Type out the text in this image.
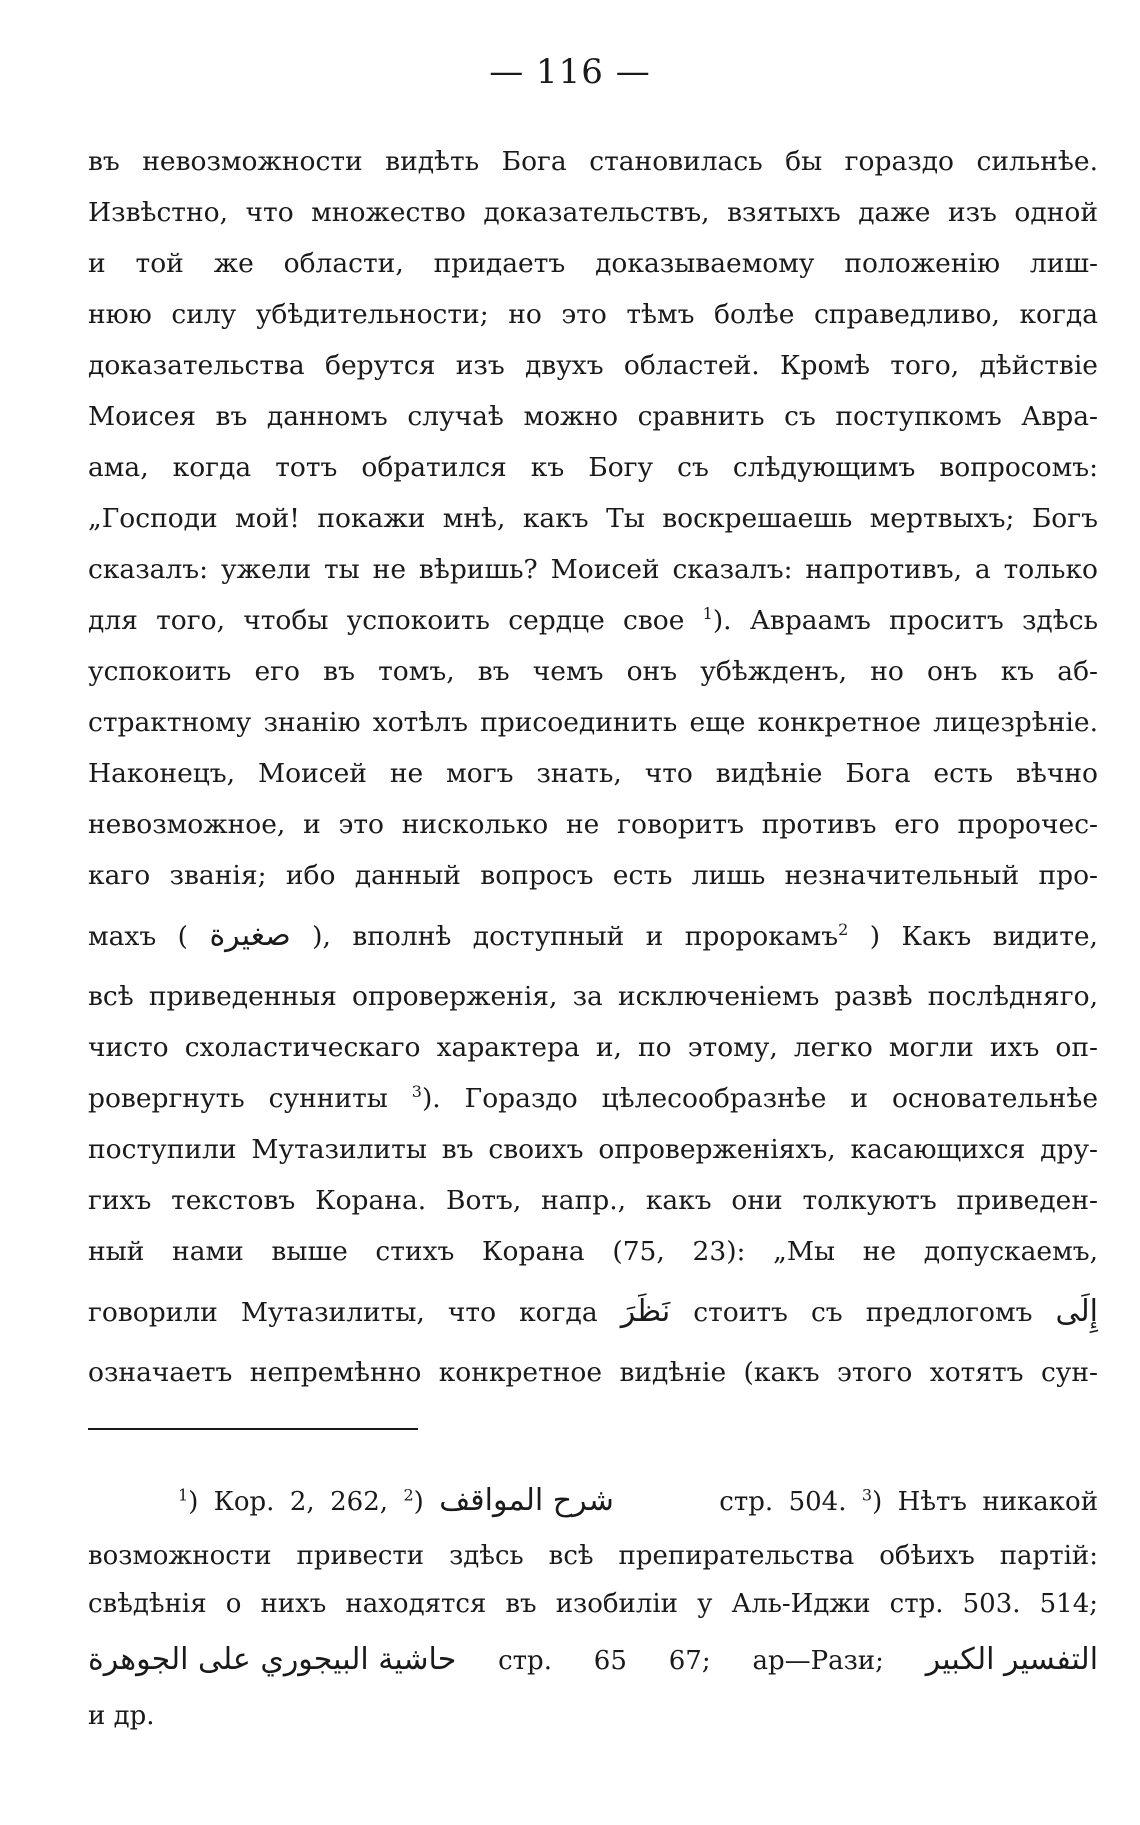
— 116 —
въ невозможности видѣть Бога становилась бы гораздо сильнѣе.
Извѣстно, что множество доказательствъ, взятыхъ даже изъ одной
и той же области, придаетъ доказываемому положенію лиш-
нюю силу убѣдительности; но это тѣмъ болѣе справедливо, когда
доказательства берутся изъ двухъ областей. Кромѣ того, дѣйствіе
Моисея въ данномъ случаѣ можно сравнить съ поступкомъ Авра-
ама, когда тотъ обратился къ Богу съ слѣдующимъ вопросомъ:
„Господи мой! покажи мнѣ, какъ Ты воскрешаешь мертвыхъ; Богъ
сказалъ: ужели ты не вѣришь? Моисей сказалъ: напротивъ, а только
для того, чтобы успокоить сердце свое $^1$). Авраамъ проситъ здѣсь
успокоить его въ томъ, въ чемъ онъ убѣжденъ, но онъ къ аб-
страктному знанію хотѣлъ присоединить еще конкретное лицезрѣніе.
Наконецъ, Моисей не могъ знать, что видѣніе Бога есть вѣчно
невозможное, и это нисколько не говоритъ противъ его пророчес-
каго званія; ибо данный вопросъ есть лишь незначительный про-
махъ ( صغيرة ), вполнѣ доступный и пророкамъ$^2$ ) Какъ видите,
всѣ приведенныя опроверженія, за исключеніемъ развѣ послѣдняго,
чисто схоластическаго характера и, по этому, легко могли ихъ оп-
ровергнуть сунниты $^3$). Гораздо цѣлесообразнѣе и основательнѣе
поступили Мутазилиты въ своихъ опроверженіяхъ, касающихся дру-
гихъ текстовъ Корана. Вотъ, напр., какъ они толкуютъ приведен-
ный нами выше стихъ Корана (75, 23): „Мы не допускаемъ,
говорили Мутазилиты, что когда نَظَرَ стоитъ съ предлогомъ إِلَى
означаетъ непремѣнно конкретное видѣніе (какъ этого хотятъ сун-
$^1$) Кор. 2, 262, $^2$) شرح المواقف	стр. 504. $^3$) Нѣтъ никакой
возможности привести здѣсь всѣ препирательства обѣихъ партій:
свѣдѣнія о нихъ находятся въ изобиліи у Аль-Иджи стр. 503. 514;
حاشية البيجوري على الجوهرة стр. 65 67; ар—Рази; التفسير الكبير
и др.
